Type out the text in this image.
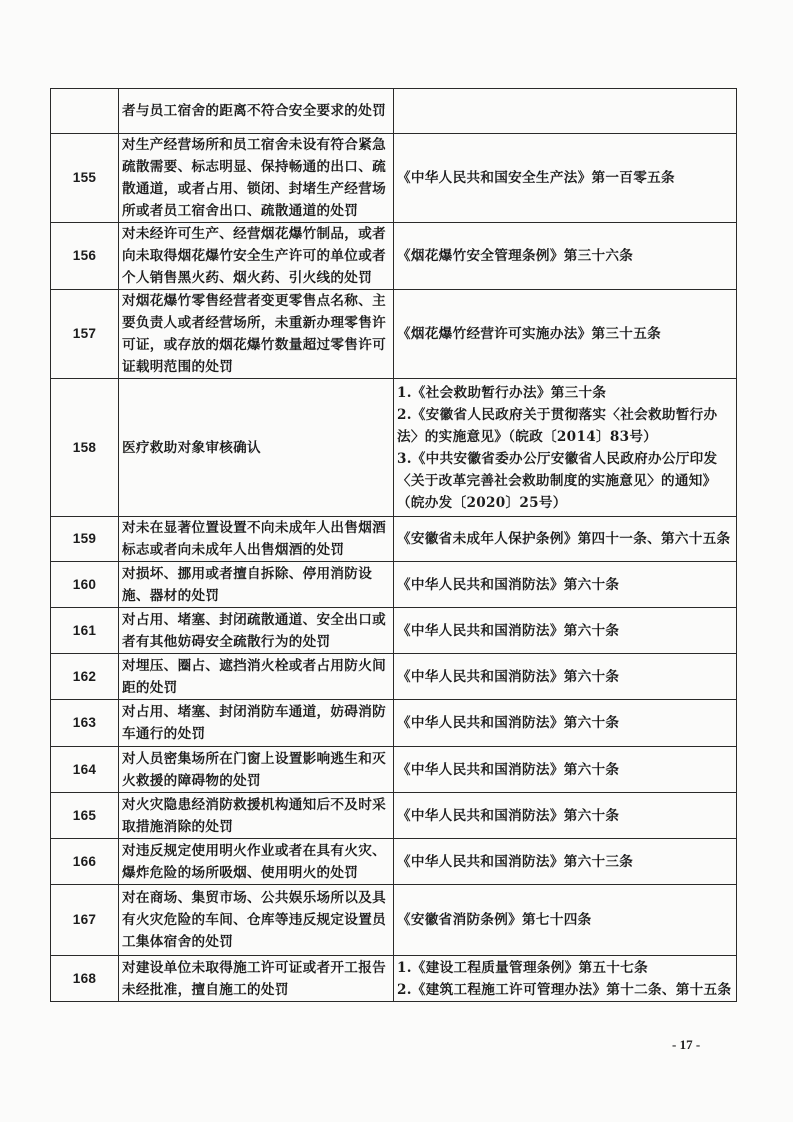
	者与员工宿舍的距离不符合安全要求的处罚	

155	对生产经营场所和员工宿舍未设有符合紧急疏散需要、标志明显、保持畅通的出口、疏散通道，或者占用、锁闭、封堵生产经营场所或者员工宿舍出口、疏散通道的处罚	《中华人民共和国安全生产法》第一百零五条

156	对未经许可生产、经营烟花爆竹制品，或者向未取得烟花爆竹安全生产许可的单位或者个人销售黑火药、烟火药、引火线的处罚	《烟花爆竹安全管理条例》第三十六条

157	对烟花爆竹零售经营者变更零售点名称、主要负责人或者经营场所，未重新办理零售许可证，或存放的烟花爆竹数量超过零售许可证载明范围的处罚	《烟花爆竹经营许可实施办法》第三十五条

158	医疗救助对象审核确认	1.《社会救助暂行办法》第三十条
2.《安徽省人民政府关于贯彻落实〈社会救助暂行办法〉的实施意见》（皖政〔2014〕83号）
3.《中共安徽省委办公厅安徽省人民政府办公厅印发〈关于改革完善社会救助制度的实施意见〉的通知》（皖办发〔2020〕25号）

159	对未在显著位置设置不向未成年人出售烟酒标志或者向未成年人出售烟酒的处罚	《安徽省未成年人保护条例》第四十一条、第六十五条

160	对损坏、挪用或者擅自拆除、停用消防设施、器材的处罚	《中华人民共和国消防法》第六十条

161	对占用、堵塞、封闭疏散通道、安全出口或者有其他妨碍安全疏散行为的处罚	《中华人民共和国消防法》第六十条

162	对埋压、圈占、遮挡消火栓或者占用防火间距的处罚	《中华人民共和国消防法》第六十条

163	对占用、堵塞、封闭消防车通道，妨碍消防车通行的处罚	《中华人民共和国消防法》第六十条

164	对人员密集场所在门窗上设置影响逃生和灭火救援的障碍物的处罚	《中华人民共和国消防法》第六十条

165	对火灾隐患经消防救援机构通知后不及时采取措施消除的处罚	《中华人民共和国消防法》第六十条

166	对违反规定使用明火作业或者在具有火灾、爆炸危险的场所吸烟、使用明火的处罚	《中华人民共和国消防法》第六十三条

167	对在商场、集贸市场、公共娱乐场所以及具有火灾危险的车间、仓库等违反规定设置员工集体宿舍的处罚	《安徽省消防条例》第七十四条

168	对建设单位未取得施工许可证或者开工报告未经批准，擅自施工的处罚	1.《建设工程质量管理条例》第五十七条
2.《建筑工程施工许可管理办法》第十二条、第十五条
- 17 -
